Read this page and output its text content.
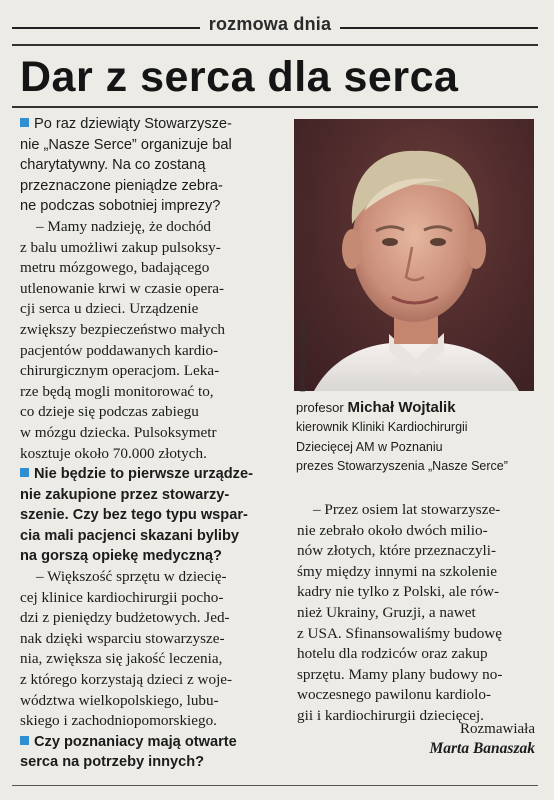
rozmowa dnia
Dar z serca dla serca

Po raz dziewiąty Stowarzysze-
nie „Nasze Serce” organizuje bal
charytatywny. Na co zostaną
przeznaczone pieniądze zebra-
ne podczas sobotniej imprezy?

– Mamy nadzieję, że dochód
z balu umożliwi zakup pulsoksy-
metru mózgowego, badającego
utlenowanie krwi w czasie opera-
cji serca u dzieci. Urządzenie
zwiększy bezpieczeństwo małych
pacjentów poddawanych kardio-
chirurgicznym operacjom. Lekа-
rze będą mogli monitorować to,
co dzieje się podczas zabiegu
w mózgu dziecka. Pulsoksymetr
kosztuje około 70.000 złotych.

Nie będzie to pierwsze urządze-
nie zakupione przez stowarzy-
szenie. Czy bez tego typu wspar-
cia mali pacjenci skazani byliby
na gorszą opiekę medyczną?

– Większość sprzętu w dziecię-
cej klinice kardiochirurgii pocho-
dzi z pieniędzy budżetowych. Jed-
nak dzięki wsparciu stowarzysze-
nia, zwiększa się jakość leczenia,
z którego korzystają dzieci z woje-
wództwa wielkopolskiego, lubu-
skiego i zachodniopomorskiego.

Czy poznaniacy mają otwarte
serca na potrzeby innych?

profesor Michał Wojtalik
kierownik Kliniki Kardiochirurgii
Dziecięcej AM w Poznaniu
prezes Stowarzyszenia „Nasze Serce”

– Przez osiem lat stowarzysze-
nie zebrało około dwóch milio-
nów złotych, które przeznaczyli-
śmy między innymi na szkolenie
kadry nie tylko z Polski, ale rów-
nież Ukrainy, Gruzji, a nawet
z USA. Sfinansowaliśmy budowę
hotelu dla rodziców oraz zakup
sprzętu. Mamy plany budowy no-
woczesnego pawilonu kardiolo-
gii i kardiochirurgii dziecięcej.

Rozmawiała
Marta Banaszak
